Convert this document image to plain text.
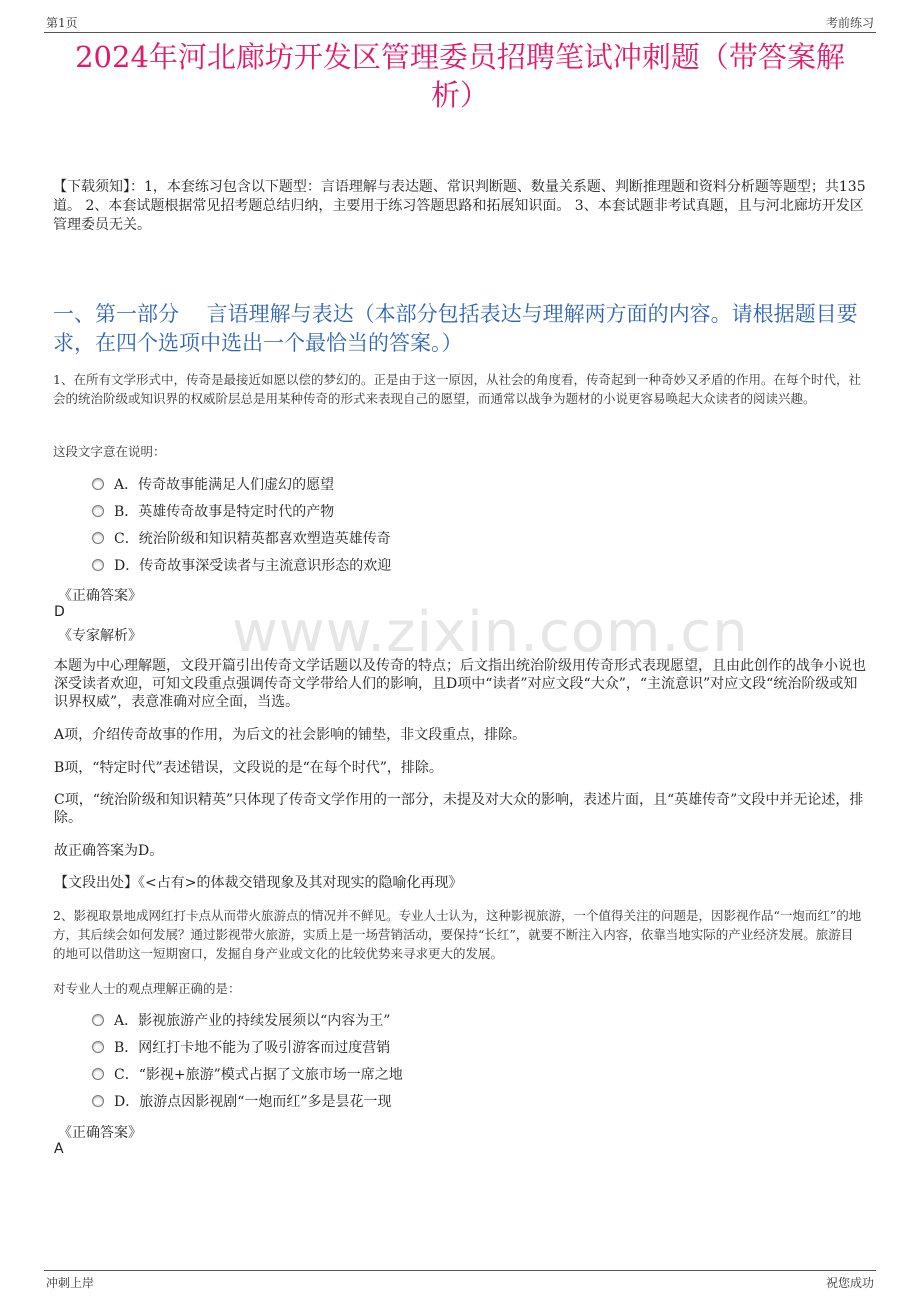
第1页	考前练习
www.zixin.com.cn
2024年河北廊坊开发区管理委员招聘笔试冲刺题（带答案解析）
【下载须知】：1，本套练习包含以下题型：言语理解与表达题、常识判断题、数量关系题、判断推理题和资料分析题等题型；共135道。 2、本套试题根据常见招考题总结归纳，主要用于练习答题思路和拓展知识面。 3、本套试题非考试真题，且与河北廊坊开发区管理委员无关。
一、第一部分　 言语理解与表达（本部分包括表达与理解两方面的内容。请根据题目要求，在四个选项中选出一个最恰当的答案。）
1、在所有文学形式中，传奇是最接近如愿以偿的梦幻的。正是由于这一原因，从社会的角度看，传奇起到一种奇妙又矛盾的作用。在每个时代，社会的统治阶级或知识界的权威阶层总是用某种传奇的形式来表现自己的愿望，而通常以战争为题材的小说更容易唤起大众读者的阅读兴趣。
这段文字意在说明：
A．传奇故事能满足人们虚幻的愿望
B．英雄传奇故事是特定时代的产物
C．统治阶级和知识精英都喜欢塑造英雄传奇
D．传奇故事深受读者与主流意识形态的欢迎
《正确答案》
D
《专家解析》
本题为中心理解题，文段开篇引出传奇文学话题以及传奇的特点；后文指出统治阶级用传奇形式表现愿望，且由此创作的战争小说也深受读者欢迎，可知文段重点强调传奇文学带给人们的影响，且D项中“读者”对应文段“大众”，“主流意识”对应文段“统治阶级或知识界权威”，表意准确对应全面，当选。
A项，介绍传奇故事的作用，为后文的社会影响的铺垫，非文段重点，排除。
B项，“特定时代”表述错误，文段说的是“在每个时代”，排除。
C项，“统治阶级和知识精英”只体现了传奇文学作用的一部分，未提及对大众的影响，表述片面，且“英雄传奇”文段中并无论述，排除。
故正确答案为D。
【文段出处】《<占有>的体裁交错现象及其对现实的隐喻化再现》
2、影视取景地成网红打卡点从而带火旅游点的情况并不鲜见。专业人士认为，这种影视旅游，一个值得关注的问题是，因影视作品“一炮而红”的地方，其后续会如何发展？通过影视带火旅游，实质上是一场营销活动，要保持“长红”，就要不断注入内容，依靠当地实际的产业经济发展。旅游目的地可以借助这一短期窗口，发掘自身产业或文化的比较优势来寻求更大的发展。
对专业人士的观点理解正确的是：
A．影视旅游产业的持续发展须以“内容为王”
B．网红打卡地不能为了吸引游客而过度营销
C．“影视+旅游”模式占据了文旅市场一席之地
D．旅游点因影视剧“一炮而红”多是昙花一现
《正确答案》
A
冲刺上岸	祝您成功
